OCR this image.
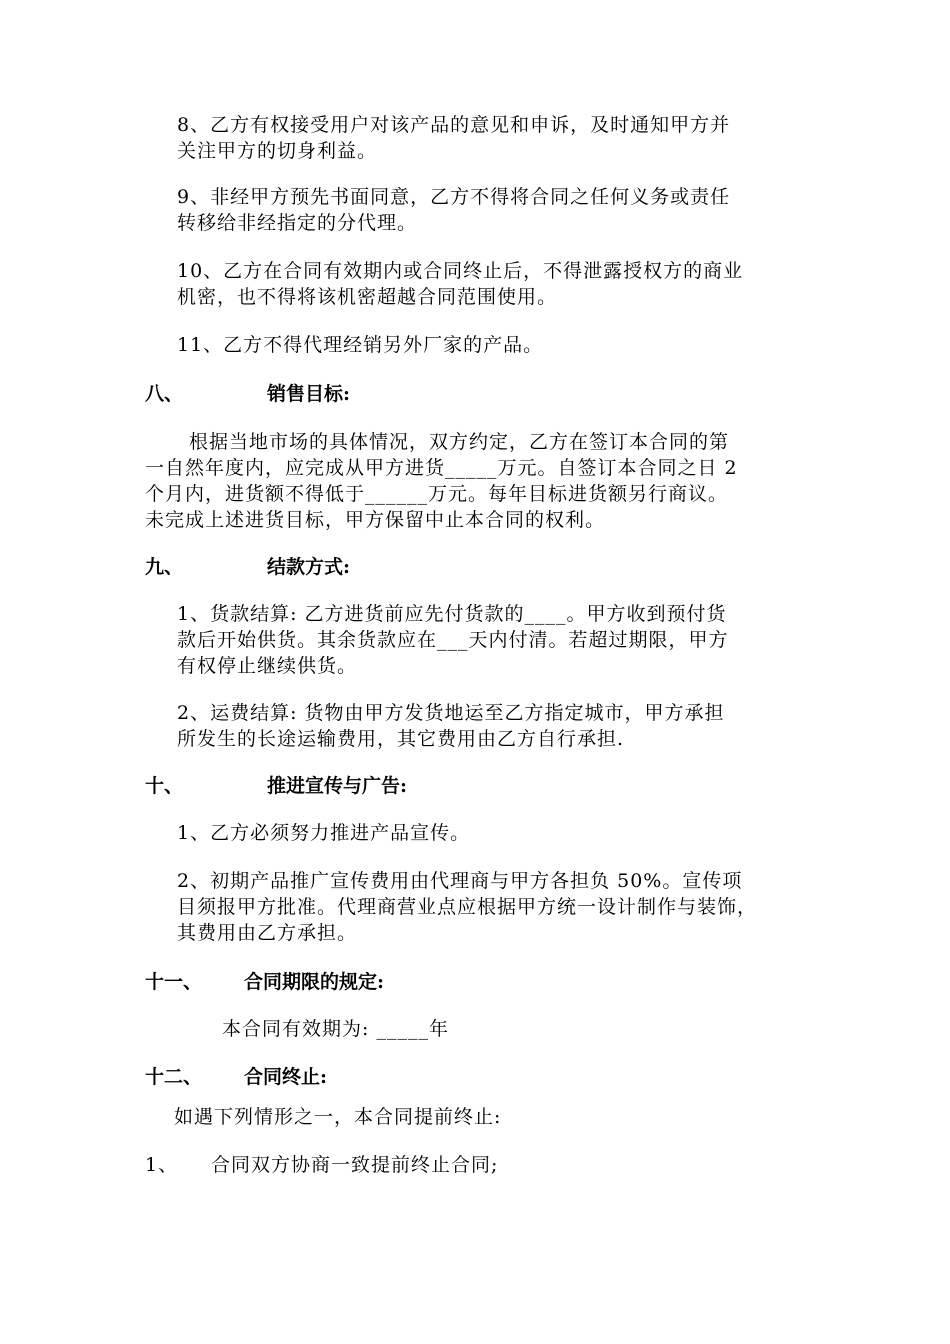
8、乙方有权接受用户对该产品的意见和申诉，及时通知甲方并
关注甲方的切身利益。
9、非经甲方预先书面同意，乙方不得将合同之任何义务或责任
转移给非经指定的分代理。
10、乙方在合同有效期内或合同终止后，不得泄露授权方的商业
机密，也不得将该机密超越合同范围使用。
11、乙方不得代理经销另外厂家的产品。
八、	销售目标:
根据当地市场的具体情况，双方约定，乙方在签订本合同的第
一自然年度内，应完成从甲方进货_____万元。自签订本合同之日 2
个月内，进货额不得低于______万元。每年目标进货额另行商议。
未完成上述进货目标，甲方保留中止本合同的权利。
九、	结款方式:
1、货款结算: 乙方进货前应先付货款的____。甲方收到预付货
款后开始供货。其余货款应在___天内付清。若超过期限，甲方
有权停止继续供货。
2、运费结算: 货物由甲方发货地运至乙方指定城市，甲方承担
所发生的长途运输费用，其它费用由乙方自行承担.
十、	推进宣传与广告:
1、乙方必须努力推进产品宣传。
2、初期产品推广宣传费用由代理商与甲方各担负 50%。宣传项
目须报甲方批准。代理商营业点应根据甲方统一设计制作与装饰，
其费用由乙方承担。
十一、 合同期限的规定:
本合同有效期为: _____年
十二、 合同终止:
如遇下列情形之一，本合同提前终止:
1、 合同双方协商一致提前终止合同;
